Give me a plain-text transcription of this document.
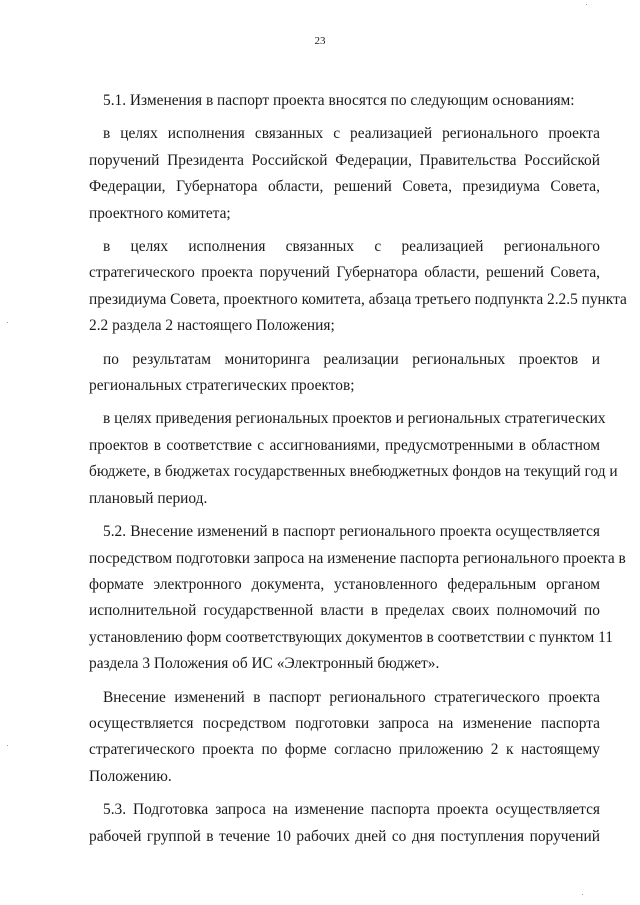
23
5.1. Изменения в паспорт проекта вносятся по следующим основаниям:
в целях исполнения связанных с реализацией регионального проекта
поручений Президента Российской Федерации, Правительства Российской
Федерации, Губернатора области, решений Совета, президиума Совета,
проектного комитета;
в целях исполнения связанных с реализацией регионального
стратегического проекта поручений Губернатора области, решений Совета,
президиума Совета, проектного комитета, абзаца третьего подпункта 2.2.5 пункта
2.2 раздела 2 настоящего Положения;
по результатам мониторинга реализации региональных проектов и
региональных стратегических проектов;
в целях приведения региональных проектов и региональных стратегических
проектов в соответствие с ассигнованиями, предусмотренными в областном
бюджете, в бюджетах государственных внебюджетных фондов на текущий год и
плановый период.
5.2. Внесение изменений в паспорт регионального проекта осуществляется
посредством подготовки запроса на изменение паспорта регионального проекта в
формате электронного документа, установленного федеральным органом
исполнительной государственной власти в пределах своих полномочий по
установлению форм соответствующих документов в соответствии с пунктом 11
раздела 3 Положения об ИС «Электронный бюджет».
Внесение изменений в паспорт регионального стратегического проекта
осуществляется посредством подготовки запроса на изменение паспорта
стратегического проекта по форме согласно приложению 2 к настоящему
Положению.
5.3. Подготовка запроса на изменение паспорта проекта осуществляется
рабочей группой в течение 10 рабочих дней со дня поступления поручений
